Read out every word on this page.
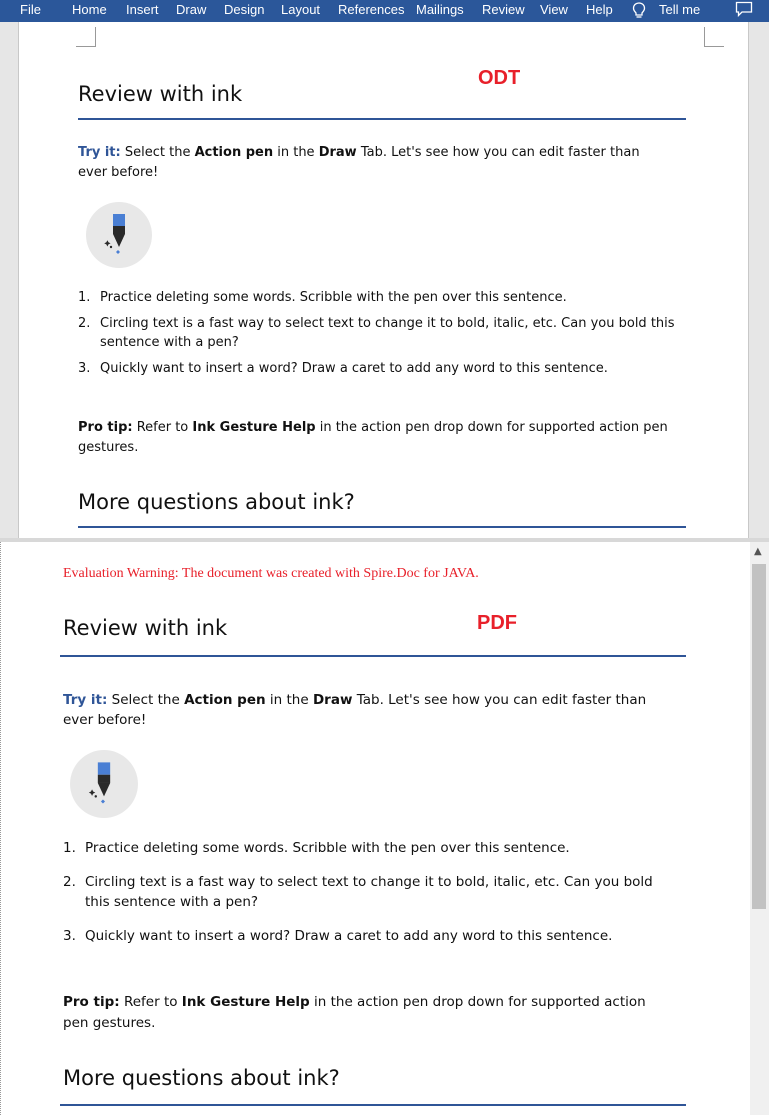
File Home Insert Draw Design Layout References Mailings Review View Help	Tell me
ODT
Review with ink
Try it: Select the Action pen in the Draw Tab. Let's see how you can edit faster than ever before!
1. Practice deleting some words. Scribble with the pen over this sentence.
2. Circling text is a fast way to select text to change it to bold, italic, etc. Can you bold this sentence with a pen?
3. Quickly want to insert a word? Draw a caret to add any word to this sentence.
Pro tip: Refer to Ink Gesture Help in the action pen drop down for supported action pen gestures.
More questions about ink?
Evaluation Warning: The document was created with Spire.Doc for JAVA.
PDF
Review with ink
Try it: Select the Action pen in the Draw Tab. Let's see how you can edit faster than ever before!
1. Practice deleting some words. Scribble with the pen over this sentence.
2. Circling text is a fast way to select text to change it to bold, italic, etc. Can you bold this sentence with a pen?
3. Quickly want to insert a word? Draw a caret to add any word to this sentence.
Pro tip: Refer to Ink Gesture Help in the action pen drop down for supported action pen gestures.
More questions about ink?
▲
